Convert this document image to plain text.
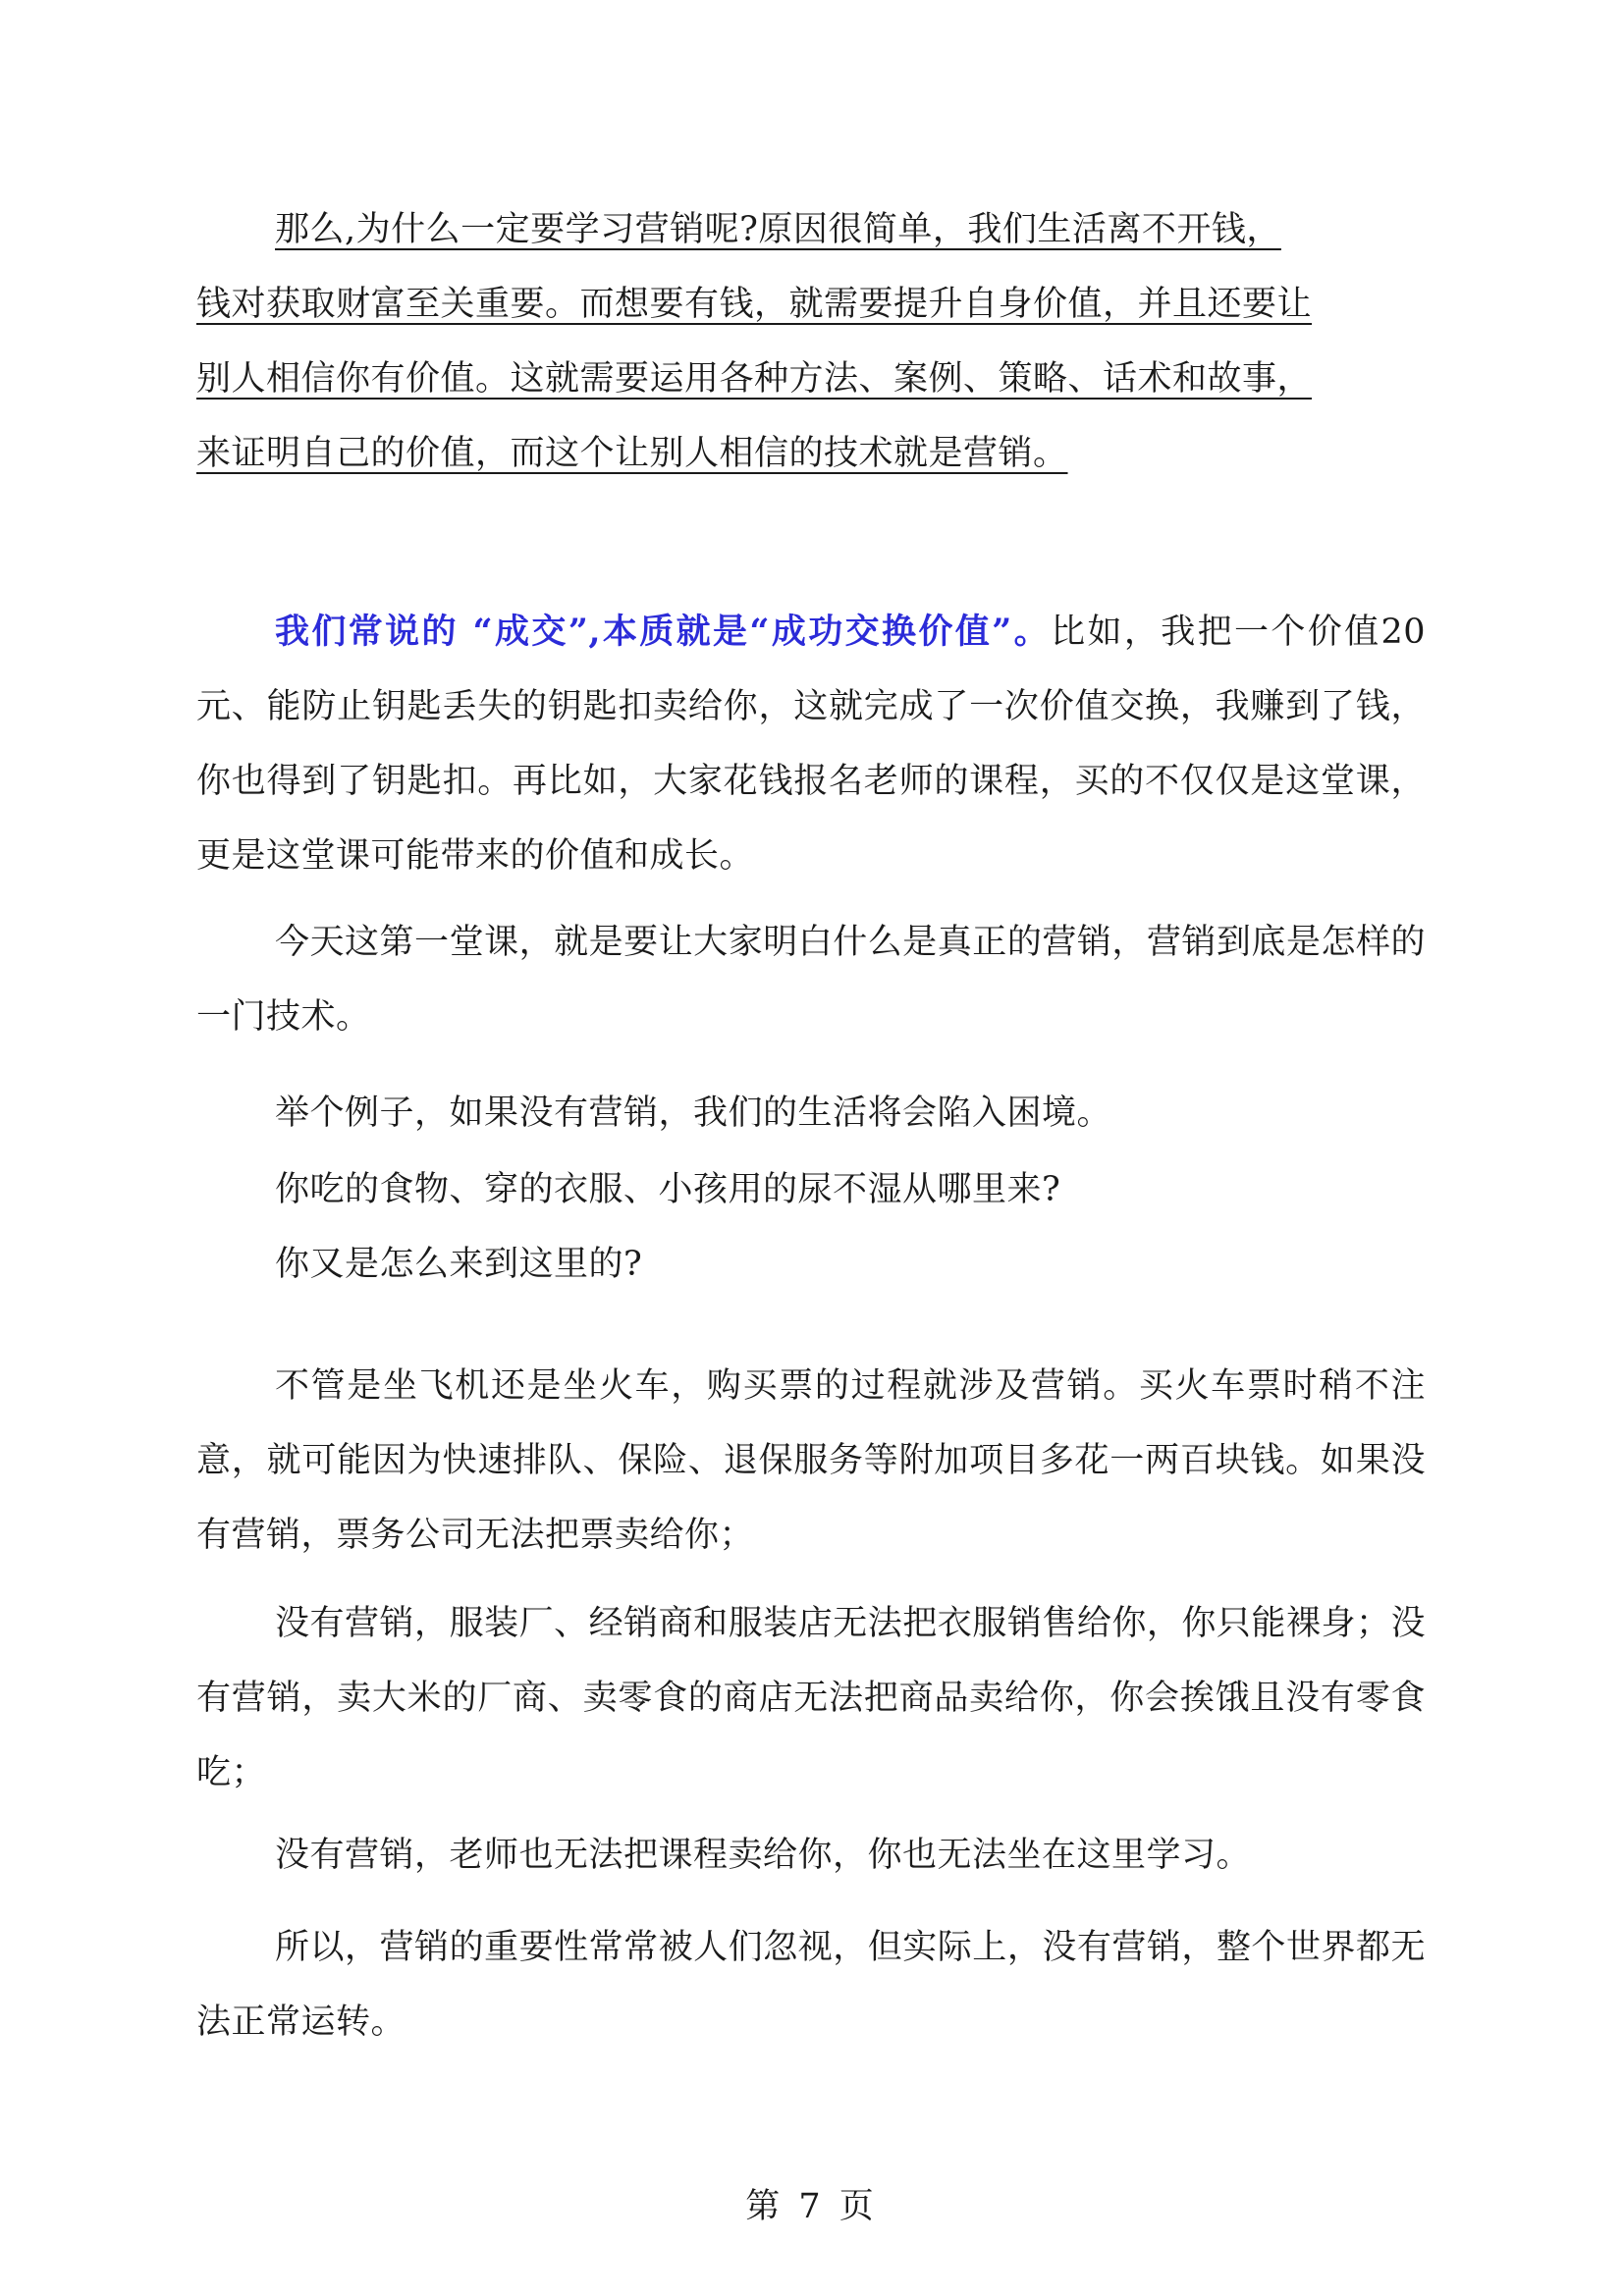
那么,为什么一定要学习营销呢?原因很简单，我们生活离不开钱，
钱对获取财富至关重要。而想要有钱，就需要提升自身价值，并且还要让
别人相信你有价值。这就需要运用各种方法、案例、策略、话术和故事，
来证明自己的价值，而这个让别人相信的技术就是营销。

我们常说的 “成交”,本质就是“成功交换价值”。比如，我把一个价值20 元、能防止钥匙丢失的钥匙扣卖给你，这就完成了一次价值交换，我赚到了钱，你也得到了钥匙扣。再比如，大家花钱报名老师的课程，买的不仅仅是这堂课，更是这堂课可能带来的价值和成长。

今天这第一堂课，就是要让大家明白什么是真正的营销，营销到底是怎样的一门技术。

举个例子，如果没有营销，我们的生活将会陷入困境。

你吃的食物、穿的衣服、小孩用的尿不湿从哪里来?

你又是怎么来到这里的?

不管是坐飞机还是坐火车，购买票的过程就涉及营销。买火车票时稍不注意，就可能因为快速排队、保险、退保服务等附加项目多花一两百块钱。如果没有营销，票务公司无法把票卖给你；

没有营销，服装厂、经销商和服装店无法把衣服销售给你，你只能裸身；没有营销，卖大米的厂商、卖零食的商店无法把商品卖给你，你会挨饿且没有零食吃；

没有营销，老师也无法把课程卖给你，你也无法坐在这里学习。

所以，营销的重要性常常被人们忽视，但实际上，没有营销，整个世界都无法正常运转。

第 7 页
